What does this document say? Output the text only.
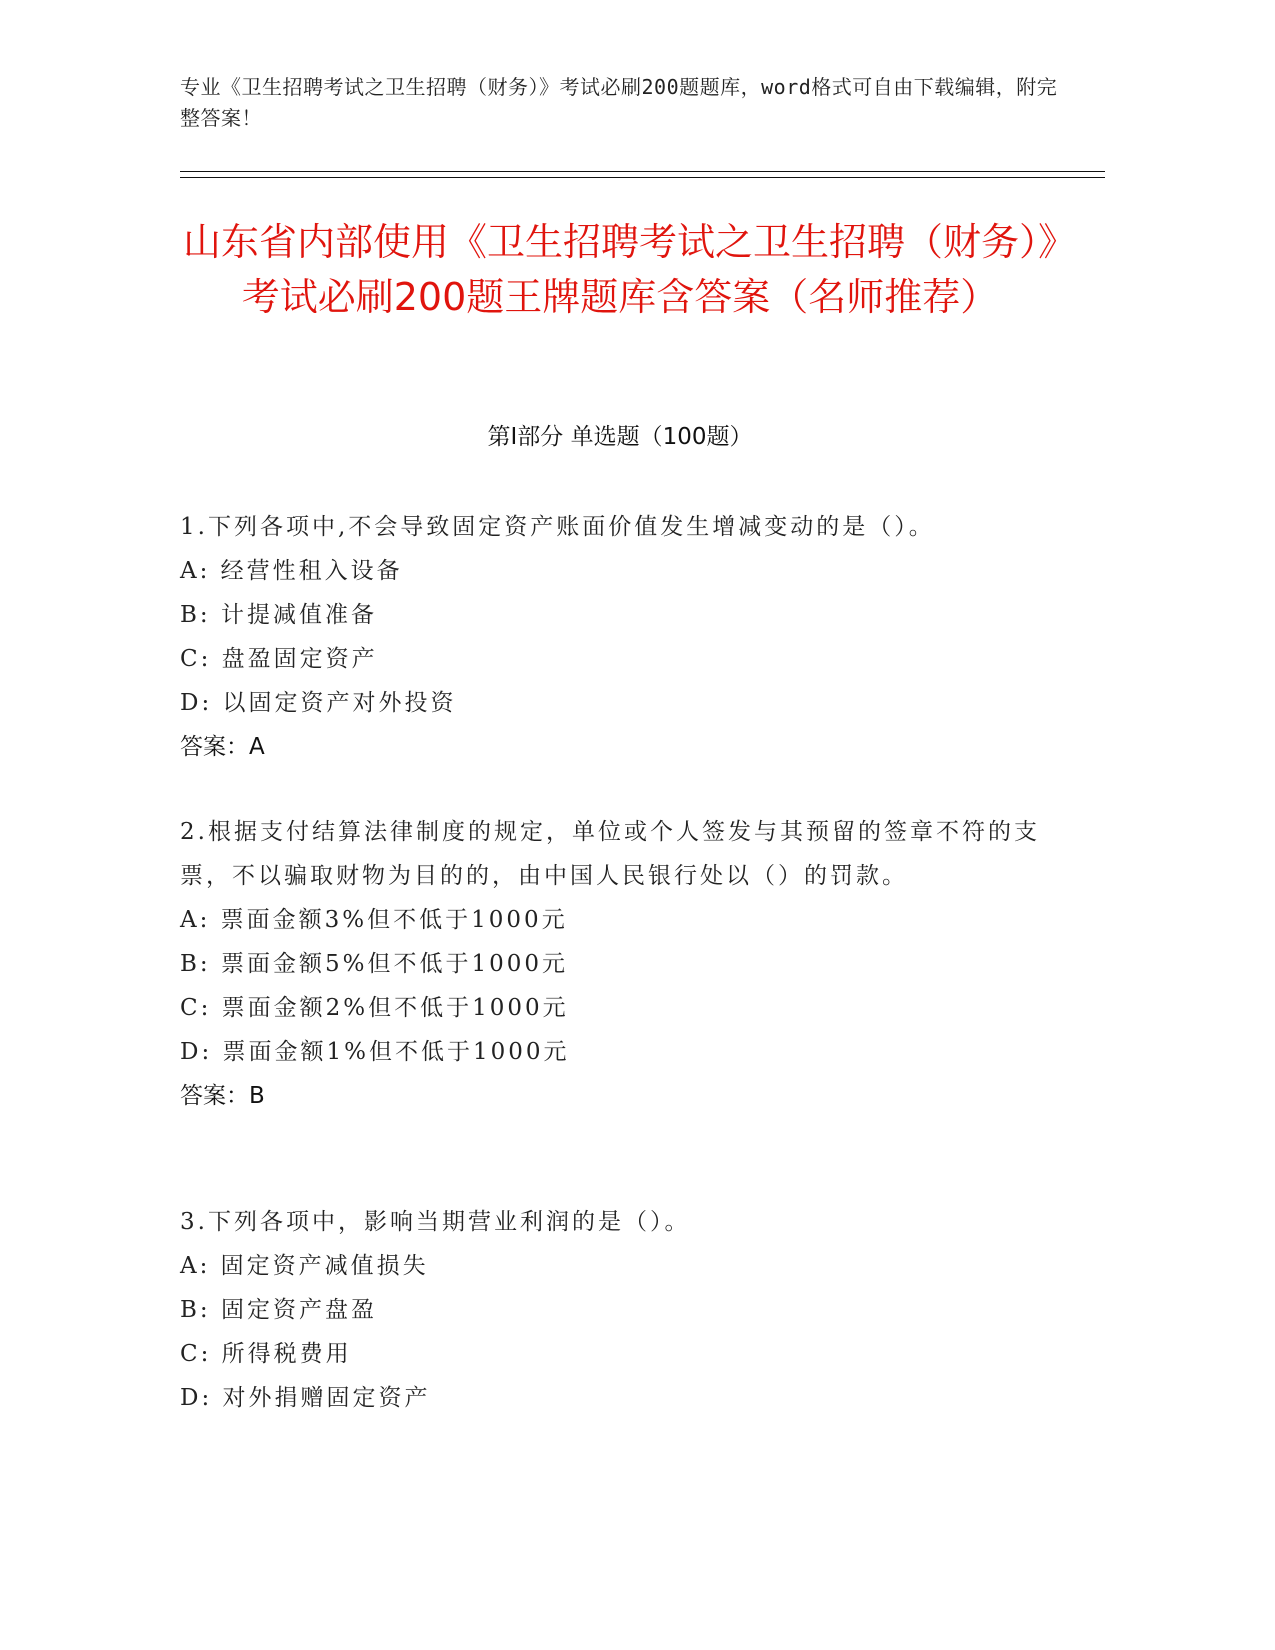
专业《卫生招聘考试之卫生招聘（财务）》考试必刷200题题库，word格式可自由下载编辑，附完整答案！
山东省内部使用《卫生招聘考试之卫生招聘（财务）》考试必刷200题王牌题库含答案（名师推荐）
第I部分 单选题（100题）

1.下列各项中,不会导致固定资产账面价值发生增减变动的是（）。

A: 经营性租入设备

B: 计提减值准备

C: 盘盈固定资产

D: 以固定资产对外投资

答案：A

2.根据支付结算法律制度的规定，单位或个人签发与其预留的签章不符的支票，不以骗取财物为目的的，由中国人民银行处以（）的罚款。

A: 票面金额3%但不低于1000元

B: 票面金额5%但不低于1000元

C: 票面金额2%但不低于1000元

D: 票面金额1%但不低于1000元

答案：B

3.下列各项中，影响当期营业利润的是（）。

A: 固定资产减值损失

B: 固定资产盘盈

C: 所得税费用

D: 对外捐赠固定资产
